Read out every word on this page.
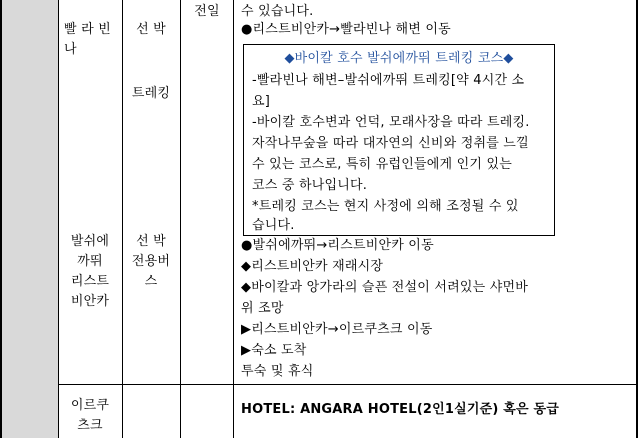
빨 라 빈
나
발쉬에
까뛰
리스트
비안카
이르쿠
츠크
선 박
트레킹
선 박
전용버
스
전일	수 있습니다.
●리스트비안카→빨라빈나 해변 이동
◆바이칼 호수 발쉬에까뛰 트레킹 코스◆
-빨라빈나 해변–발쉬에까뛰 트레킹[약 4시간 소
요]
-바이칼 호수변과 언덕, 모래사장을 따라 트레킹.
자작나무숲을 따라 대자연의 신비와 정취를 느낄
수 있는 코스로, 특히 유럽인들에게 인기 있는
코스 중 하나입니다.
*트레킹 코스는 현지 사정에 의해 조정될 수 있
습니다.
●발쉬에까뛰→리스트비안카 이동
◆리스트비안카 재래시장
◆바이칼과 앙가라의 슬픈 전설이 서려있는 샤먼바
위 조망
▶리스트비안카→이르쿠츠크 이동
▶숙소 도착
투숙 및 휴식
HOTEL: ANGARA HOTEL(2인1실기준) 혹은 동급
